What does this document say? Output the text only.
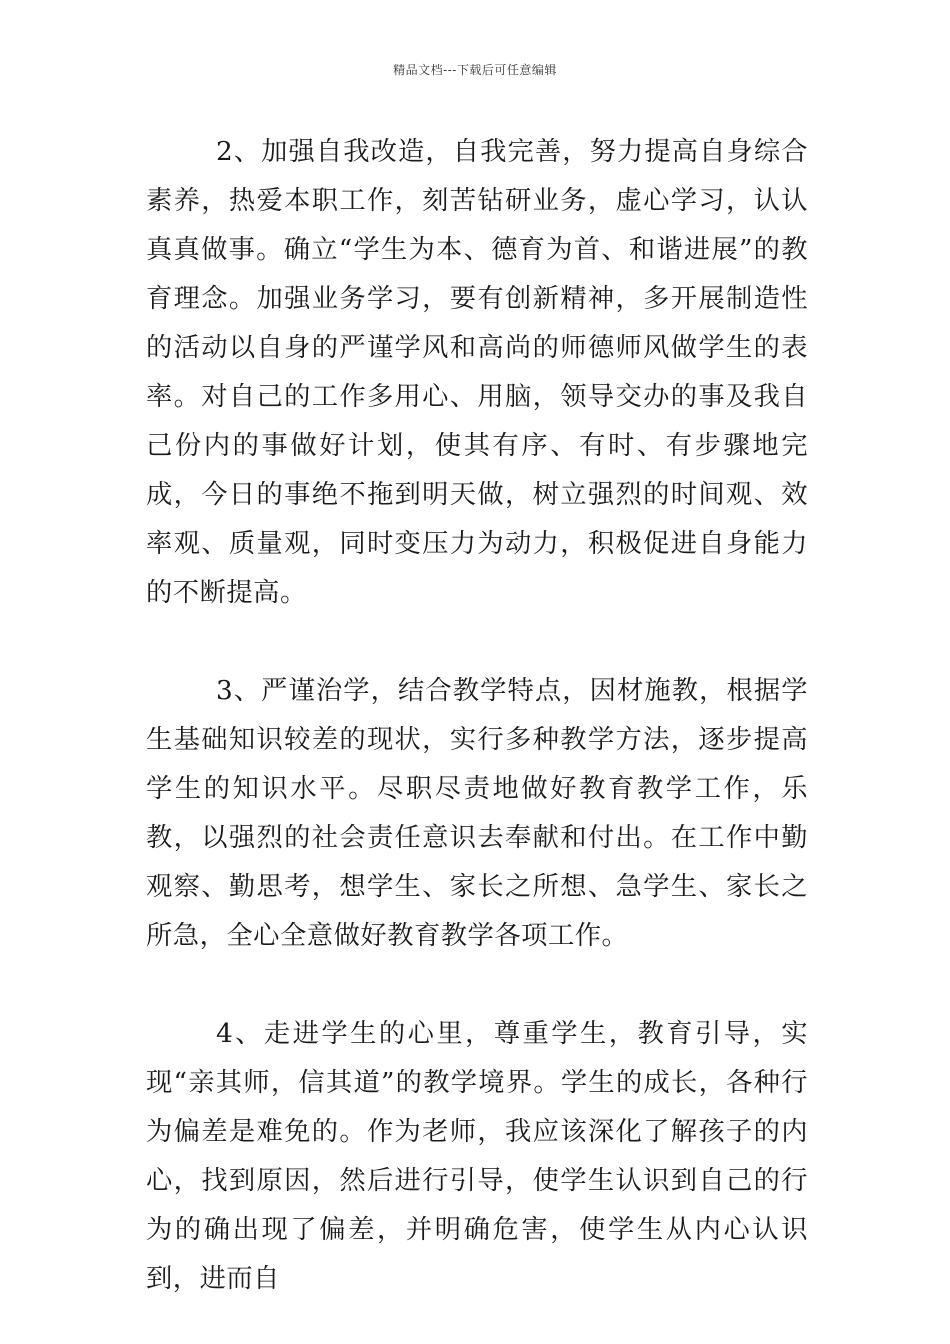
精品文档---下载后可任意编辑

2、加强自我改造，自我完善，努力提高自身综合素养，热爱本职工作，刻苦钻研业务，虚心学习，认认真真做事。确立“学生为本、德育为首、和谐进展”的教育理念。加强业务学习，要有创新精神，多开展制造性的活动以自身的严谨学风和高尚的师德师风做学生的表率。对自己的工作多用心、用脑，领导交办的事及我自己份内的事做好计划，使其有序、有时、有步骤地完成，今日的事绝不拖到明天做，树立强烈的时间观、效率观、质量观，同时变压力为动力，积极促进自身能力的不断提高。

3、严谨治学，结合教学特点，因材施教，根据学生基础知识较差的现状，实行多种教学方法，逐步提高学生的知识水平。尽职尽责地做好教育教学工作，乐教，以强烈的社会责任意识去奉献和付出。在工作中勤观察、勤思考，想学生、家长之所想、急学生、家长之所急，全心全意做好教育教学各项工作。

4、走进学生的心里，尊重学生，教育引导，实现“亲其师，信其道”的教学境界。学生的成长，各种行为偏差是难免的。作为老师，我应该深化了解孩子的内心，找到原因，然后进行引导，使学生认识到自己的行为的确出现了偏差，并明确危害，使学生从内心认识到，进而自
